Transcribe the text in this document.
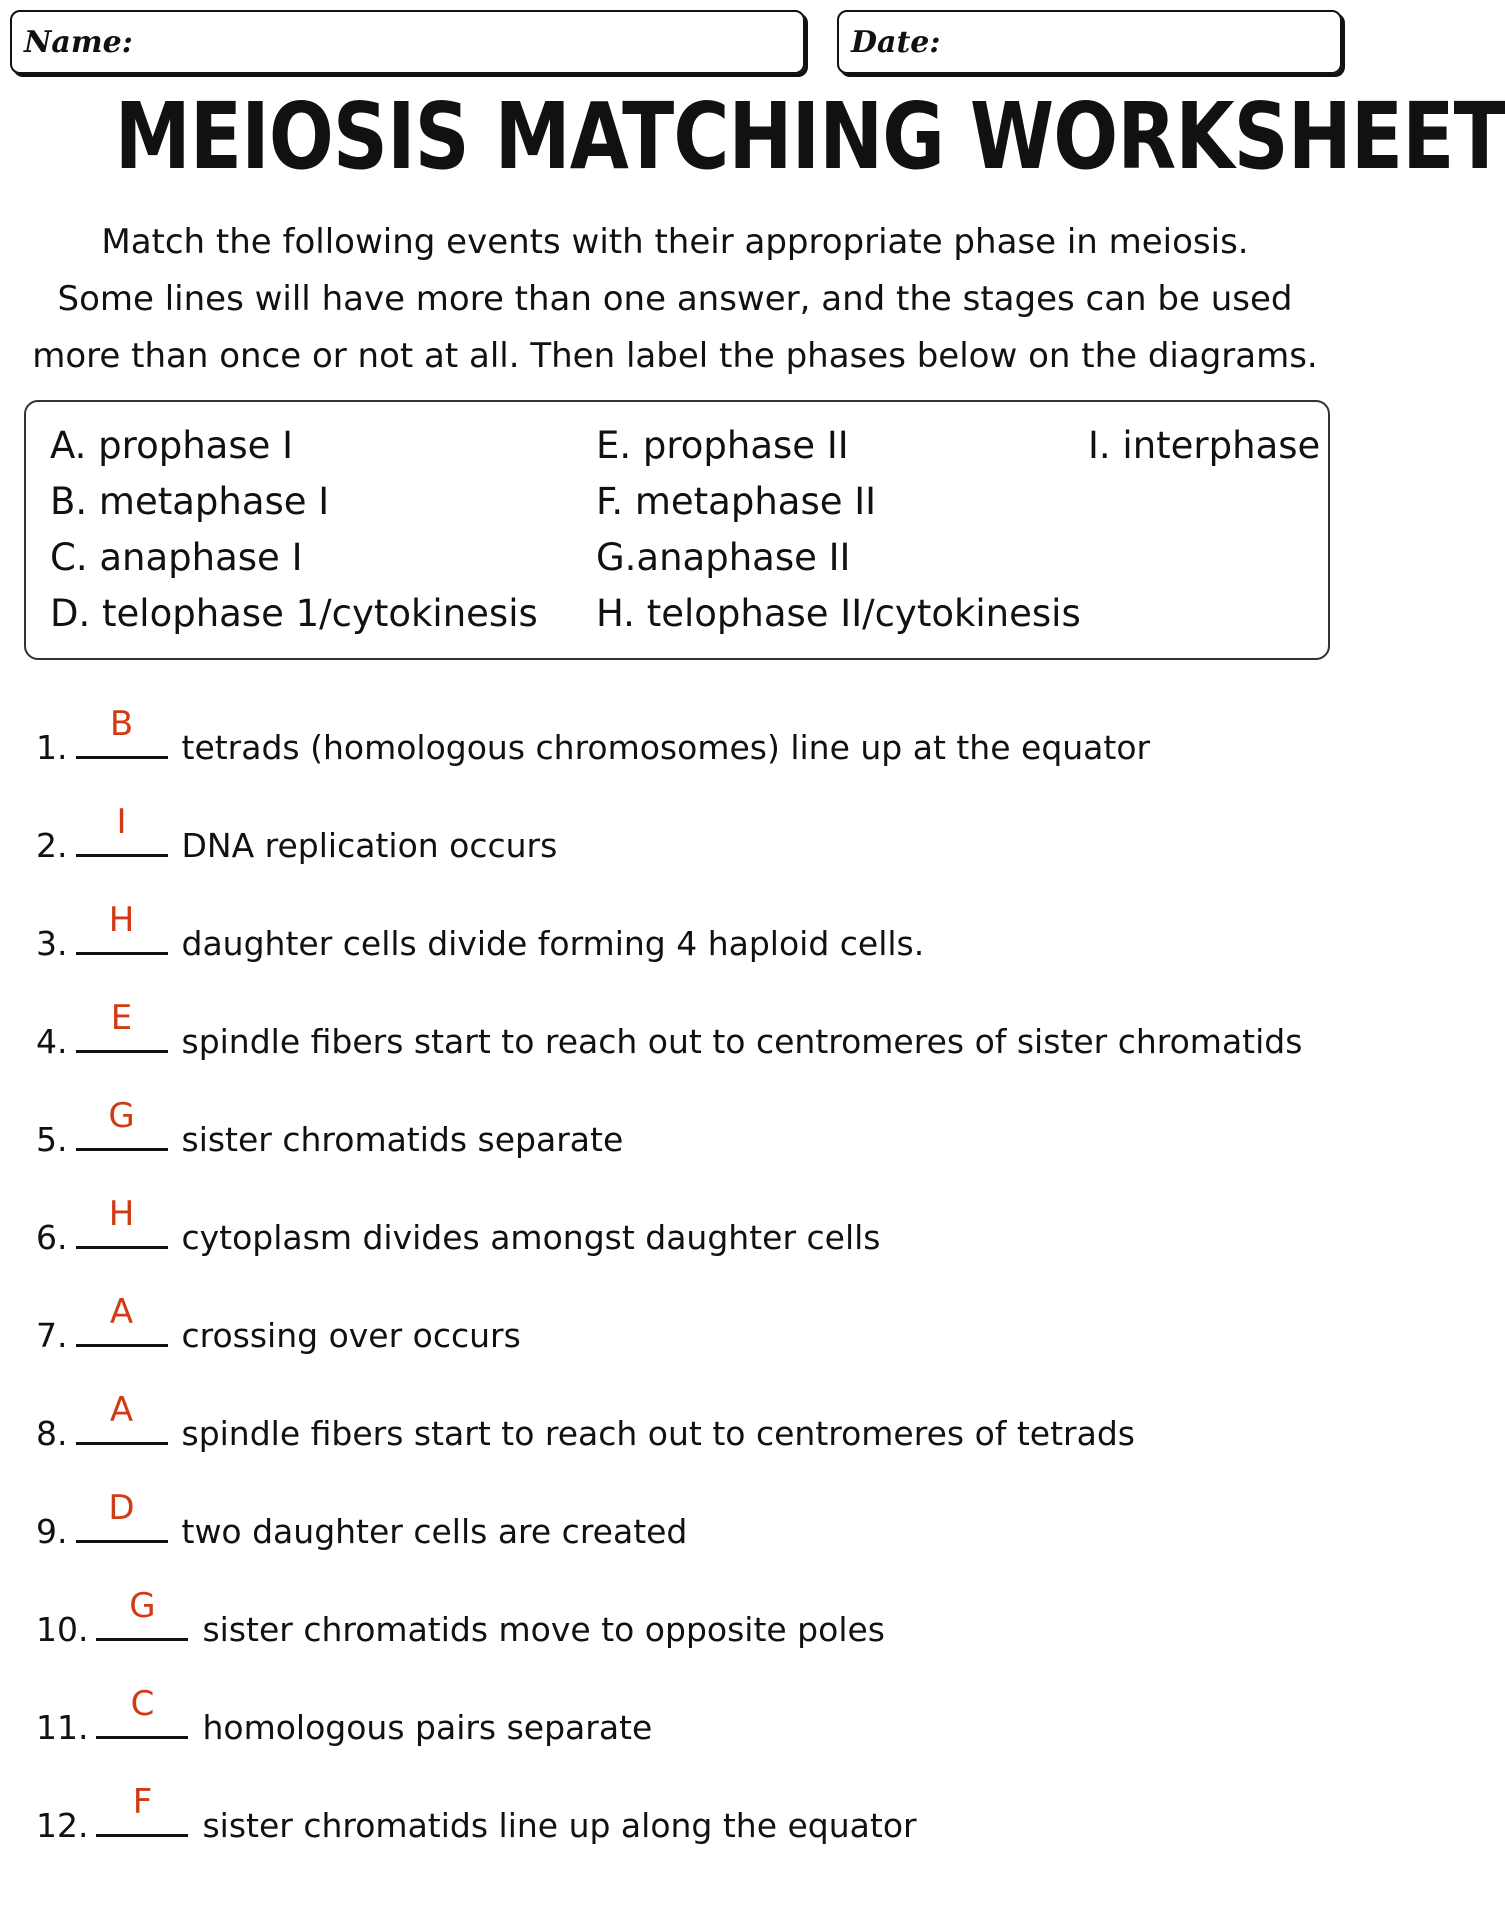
Name:	Date:
MEIOSIS MATCHING WORKSHEET
Match the following events with their appropriate phase in meiosis.
Some lines will have more than one answer, and the stages can be used
more than once or not at all. Then label the phases below on the diagrams.
A. prophase I
B. metaphase I
C. anaphase I
D. telophase 1/cytokinesis
E. prophase II
F. metaphase II
G.anaphase II
H. telophase II/cytokinesis
I. interphase
1.
B
tetrads (homologous chromosomes) line up at the equator
2.
I
DNA replication occurs
3.
H
daughter cells divide forming 4 haploid cells.
4.
E
spindle fibers start to reach out to centromeres of sister chromatids
5.
G
sister chromatids separate
6.
H
cytoplasm divides amongst daughter cells
7.
A
crossing over occurs
8.
A
spindle fibers start to reach out to centromeres of tetrads
9.
D
two daughter cells are created
10.
G
sister chromatids move to opposite poles
11.
C
homologous pairs separate
12.
F
sister chromatids line up along the equator
